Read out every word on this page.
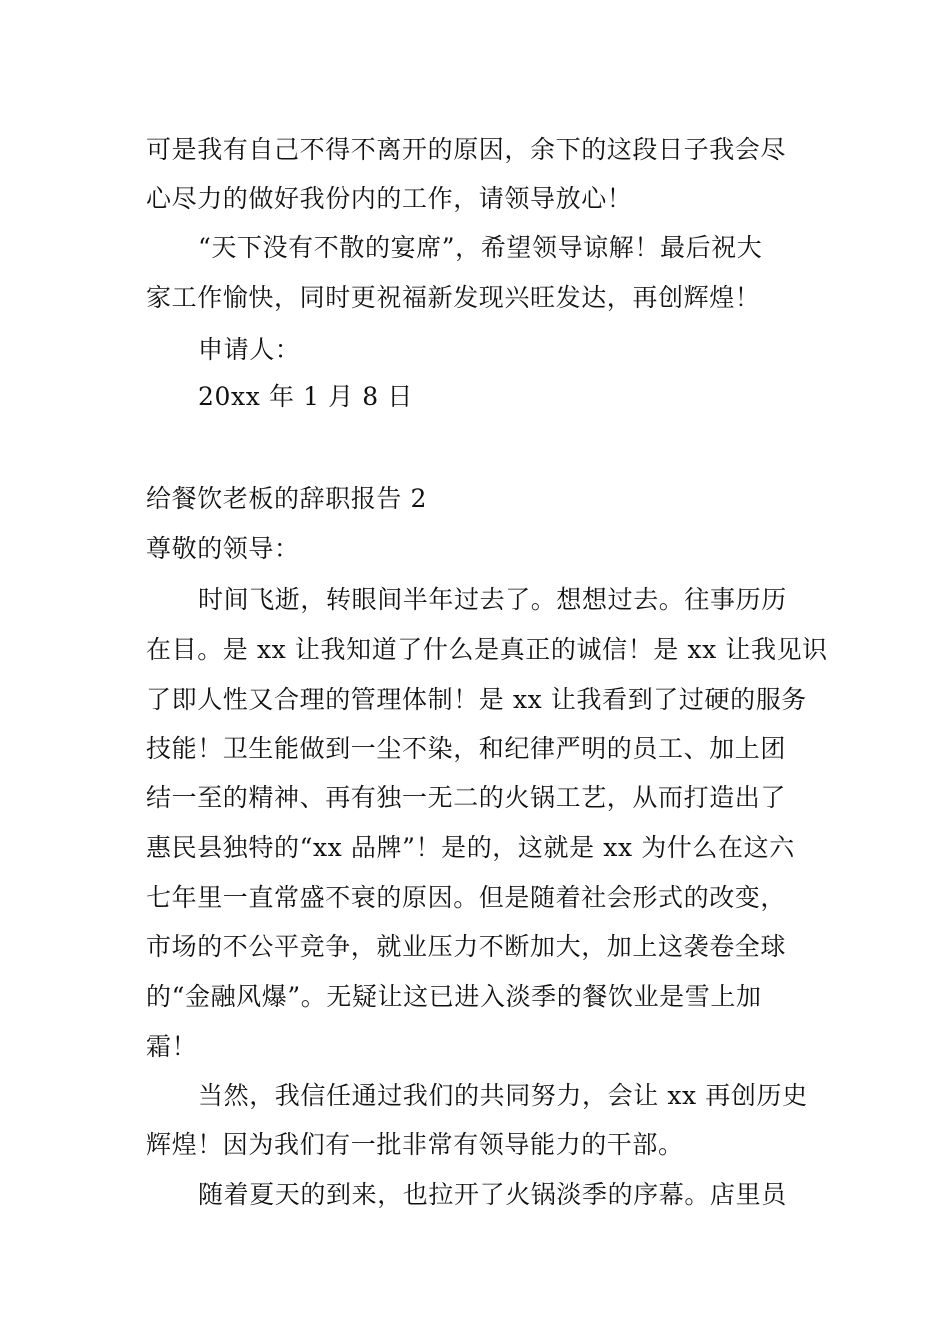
可是我有自己不得不离开的原因，余下的这段日子我会尽
心尽力的做好我份内的工作，请领导放心！
“天下没有不散的宴席”，希望领导谅解！最后祝大
家工作愉快，同时更祝福新发现兴旺发达，再创辉煌！
申请人：
20xx 年 1 月 8 日
给餐饮老板的辞职报告 2
尊敬的领导：
时间飞逝，转眼间半年过去了。想想过去。往事历历
在目。是 xx 让我知道了什么是真正的诚信！是 xx 让我见识
了即人性又合理的管理体制！是 xx 让我看到了过硬的服务
技能！卫生能做到一尘不染，和纪律严明的员工、加上团
结一至的精神、再有独一无二的火锅工艺，从而打造出了
惠民县独特的“xx 品牌”！是的，这就是 xx 为什么在这六
七年里一直常盛不衰的原因。但是随着社会形式的改变，
市场的不公平竞争，就业压力不断加大，加上这袭卷全球
的“金融风爆”。无疑让这已进入淡季的餐饮业是雪上加
霜！
当然，我信任通过我们的共同努力，会让 xx 再创历史
辉煌！因为我们有一批非常有领导能力的干部。
随着夏天的到来，也拉开了火锅淡季的序幕。店里员
